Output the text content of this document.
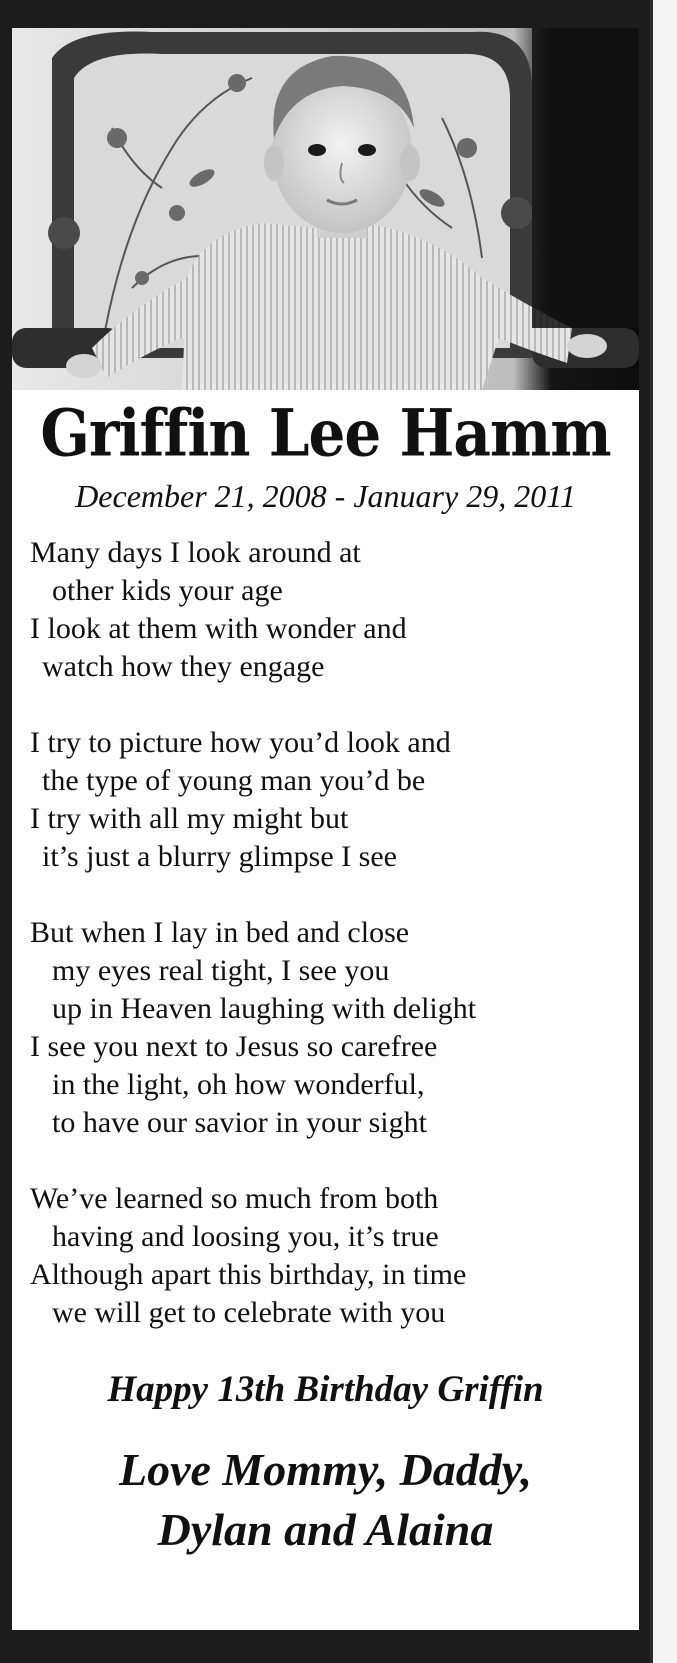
Griffin Lee Hamm
December 21, 2008 - January 29, 2011
Many days I look around at
other kids your age
I look at them with wonder and
watch how they engage
I try to picture how you’d look and
the type of young man you’d be
I try with all my might but
it’s just a blurry glimpse I see
But when I lay in bed and close
my eyes real tight, I see you
up in Heaven laughing with delight
I see you next to Jesus so carefree
in the light, oh how wonderful,
to have our savior in your sight
We’ve learned so much from both
having and loosing you, it’s true
Although apart this birthday, in time
we will get to celebrate with you
Happy 13th Birthday Griffin
Love Mommy, Daddy,
Dylan and Alaina
